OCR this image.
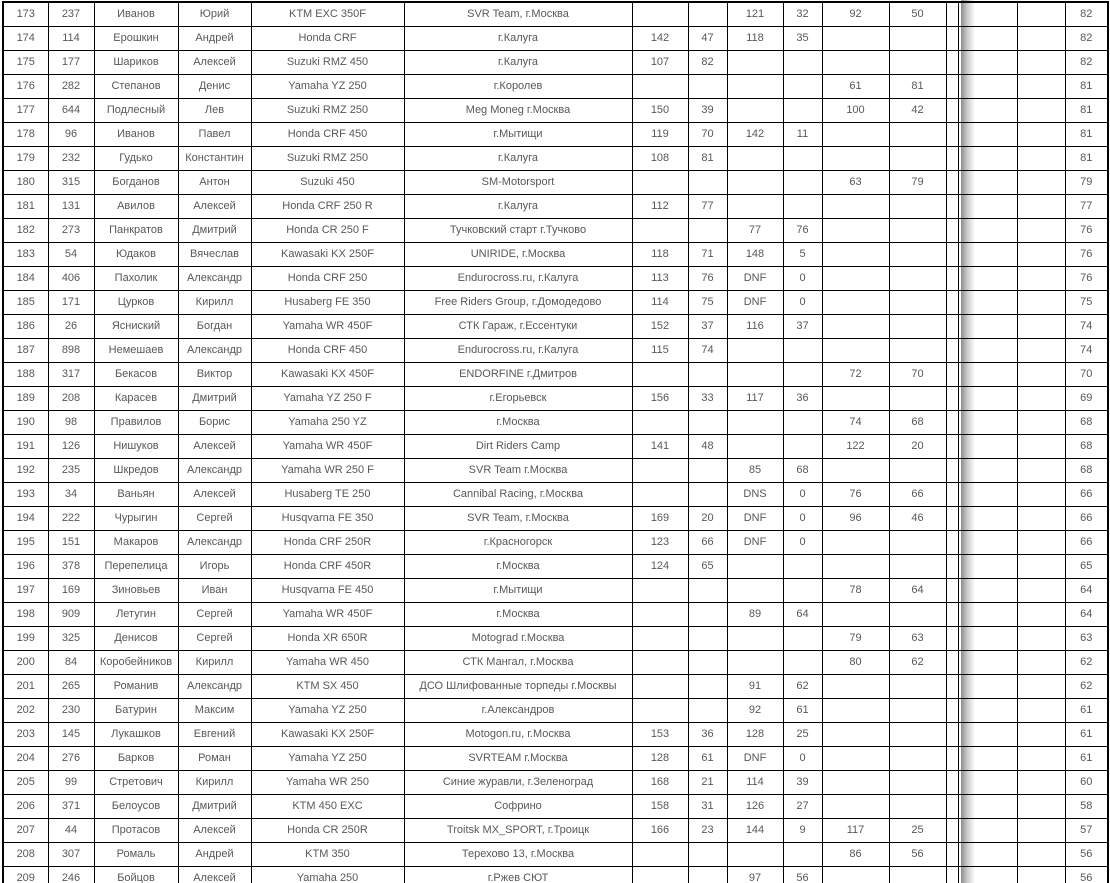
173	237	Иванов	Юрий	KTM EXC 350F	SVR Team, г.Москва			121	32	92	50				82
174	114	Ерошкин	Андрей	Honda CRF	г.Калуга	142	47	118	35						82
175	177	Шариков	Алексей	Suzuki RMZ 450	г.Калуга	107	82								82
176	282	Степанов	Денис	Yamaha YZ 250	г.Королев					61	81				81
177	644	Подлесный	Лев	Suzuki RMZ 250	Meg Moneg г.Москва	150	39			100	42				81
178	96	Иванов	Павел	Honda CRF 450	г.Мытищи	119	70	142	11						81
179	232	Гудько	Константин	Suzuki RMZ 250	г.Калуга	108	81								81
180	315	Богданов	Антон	Suzuki 450	SM-Motorsport					63	79				79
181	131	Авилов	Алексей	Honda CRF 250 R	г.Калуга	112	77								77
182	273	Панкратов	Дмитрий	Honda CR 250 F	Тучковский старт г.Тучково			77	76						76
183	54	Юдаков	Вячеслав	Kawasaki KX 250F	UNIRIDE, г.Москва	118	71	148	5						76
184	406	Пахолик	Александр	Honda CRF 250	Endurocross.ru, г.Калуга	113	76	DNF	0						76
185	171	Цурков	Кирилл	Husaberg FE 350	Free Riders Group, г.Домодедово	114	75	DNF	0						75
186	26	Ясниский	Богдан	Yamaha WR 450F	СТК Гараж, г.Ессентуки	152	37	116	37						74
187	898	Немешаев	Александр	Honda CRF 450	Endurocross.ru, г.Калуга	115	74								74
188	317	Бекасов	Виктор	Kawasaki KX 450F	ENDORFINE г.Дмитров					72	70				70
189	208	Карасев	Дмитрий	Yamaha YZ 250 F	г.Егорьевск	156	33	117	36						69
190	98	Правилов	Борис	Yamaha 250 YZ	г.Москва					74	68				68
191	126	Нишуков	Алексей	Yamaha WR 450F	Dirt Riders Camp	141	48			122	20				68
192	235	Шкредов	Александр	Yamaha WR 250 F	SVR Team г.Москва			85	68						68
193	34	Ваньян	Алексей	Husaberg TE 250	Cannibal Racing, г.Москва			DNS	0	76	66				66
194	222	Чурыгин	Сергей	Husqvarna FE 350	SVR Team, г.Москва	169	20	DNF	0	96	46				66
195	151	Макаров	Александр	Honda CRF 250R	г.Красногорск	123	66	DNF	0						66
196	378	Перепелица	Игорь	Honda CRF 450R	г.Москва	124	65								65
197	169	Зиновьев	Иван	Husqvarna FE 450	г.Мытищи					78	64				64
198	909	Летугин	Сергей	Yamaha WR 450F	г.Москва			89	64						64
199	325	Денисов	Сергей	Honda XR 650R	Motograd г.Москва					79	63				63
200	84	Коробейников	Кирилл	Yamaha WR 450	СТК Мангал, г.Москва					80	62				62
201	265	Романив	Александр	KTM SX 450	ДСО Шлифованные торпеды г.Москвы			91	62						62
202	230	Батурин	Максим	Yamaha YZ 250	г.Александров			92	61						61
203	145	Лукашков	Евгений	Kawasaki KX 250F	Motogon.ru, г.Москва	153	36	128	25						61
204	276	Барков	Роман	Yamaha YZ 250	SVRTEAM г.Москва	128	61	DNF	0						61
205	99	Стретович	Кирилл	Yamaha WR 250	Синие журавли, г.Зеленоград	168	21	114	39						60
206	371	Белоусов	Дмитрий	KTM 450 EXC	Софрино	158	31	126	27						58
207	44	Протасов	Алексей	Honda CR 250R	Troitsk MX_SPORT, г.Троицк	166	23	144	9	117	25				57
208	307	Ромаль	Андрей	KTM 350	Терехово 13, г.Москва					86	56				56
209	246	Бойцов	Алексей	Yamaha 250	г.Ржев СЮТ			97	56						56
